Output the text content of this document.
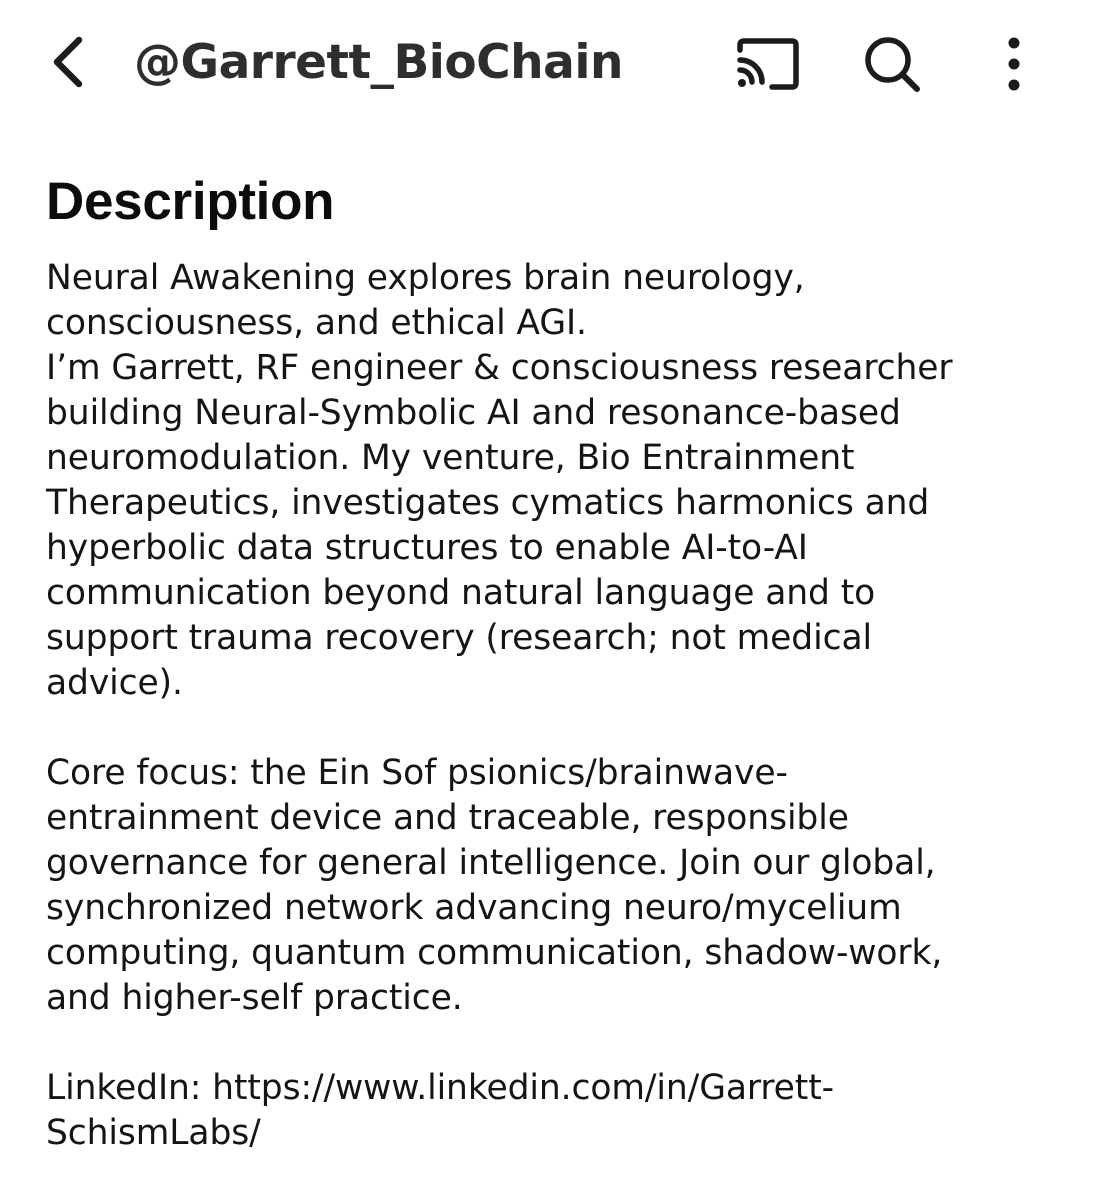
@Garrett_BioChain
Description

Neural Awakening explores brain neurology,
consciousness, and ethical AGI.
I’m Garrett, RF engineer & consciousness researcher
building Neural-Symbolic AI and resonance-based
neuromodulation. My venture, Bio Entrainment
Therapeutics, investigates cymatics harmonics and
hyperbolic data structures to enable AI-to-AI
communication beyond natural language and to
support trauma recovery (research; not medical
advice).

Core focus: the Ein Sof psionics/brainwave-
entrainment device and traceable, responsible
governance for general intelligence. Join our global,
synchronized network advancing neuro/mycelium
computing, quantum communication, shadow-work,
and higher-self practice.

LinkedIn: https://www.linkedin.com/in/Garrett-
SchismLabs/
